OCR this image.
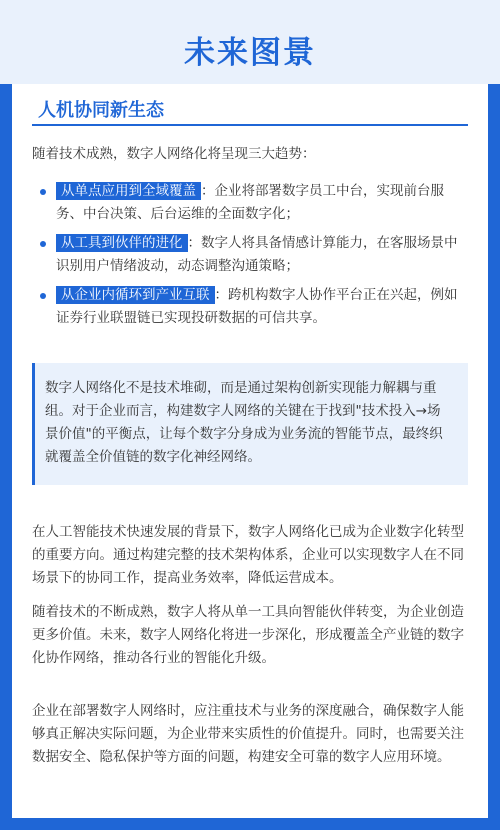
未来图景
人机协同新生态
随着技术成熟，数字人网络化将呈现三大趋势：
从单点应用到全域覆盖 ：企业将部署数字员工中台，实现前台服务、中台决策、后台运维的全面数字化；
从工具到伙伴的进化 ：数字人将具备情感计算能力，在客服场景中识别用户情绪波动，动态调整沟通策略；
从企业内循环到产业互联 ：跨机构数字人协作平台正在兴起，例如证券行业联盟链已实现投研数据的可信共享。
数字人网络化不是技术堆砌，而是通过架构创新实现能力解耦与重组。对于企业而言，构建数字人网络的关键在于找到"技术投入→场景价值"的平衡点，让每个数字分身成为业务流的智能节点，最终织就覆盖全价值链的数字化神经网络。
在人工智能技术快速发展的背景下，数字人网络化已成为企业数字化转型的重要方向。通过构建完整的技术架构体系，企业可以实现数字人在不同场景下的协同工作，提高业务效率，降低运营成本。
随着技术的不断成熟，数字人将从单一工具向智能伙伴转变，为企业创造更多价值。未来，数字人网络化将进一步深化，形成覆盖全产业链的数字化协作网络，推动各行业的智能化升级。
企业在部署数字人网络时，应注重技术与业务的深度融合，确保数字人能够真正解决实际问题，为企业带来实质性的价值提升。同时，也需要关注数据安全、隐私保护等方面的问题，构建安全可靠的数字人应用环境。
